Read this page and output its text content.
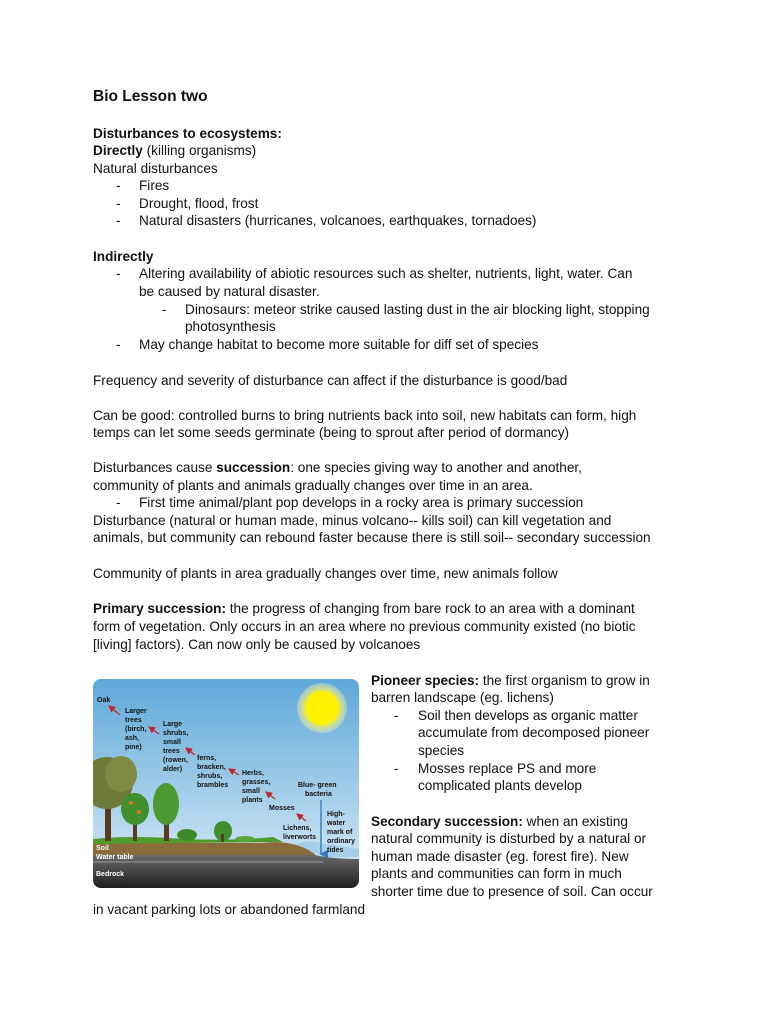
Bio Lesson two
Disturbances to ecosystems:
Directly (killing organisms)
Natural disturbances
- Fires
- Drought, flood, frost
- Natural disasters (hurricanes, volcanoes, earthquakes, tornadoes)
Indirectly
- Altering availability of abiotic resources such as shelter, nutrients, light, water. Can
be caused by natural disaster.
- Dinosaurs: meteor strike caused lasting dust in the air blocking light, stopping
photosynthesis
- May change habitat to become more suitable for diff set of species
Frequency and severity of disturbance can affect if the disturbance is good/bad
Can be good: controlled burns to bring nutrients back into soil, new habitats can form, high
temps can let some seeds germinate (being to sprout after period of dormancy)
Disturbances cause succession: one species giving way to another and another,
community of plants and animals gradually changes over time in an area.
- First time animal/plant pop develops in a rocky area is primary succession
Disturbance (natural or human made, minus volcano-- kills soil) can kill vegetation and
animals, but community can rebound faster because there is still soil-- secondary succession
Community of plants in area gradually changes over time, new animals follow
Primary succession: the progress of changing from bare rock to an area with a dominant
form of vegetation. Only occurs in an area where no previous community existed (no biotic
[living] factors). Can now only be caused by volcanoes
Oak
Larger trees (birch, ash, pine)
Large shrubs, small trees (rowen, alder)
ferns, bracken, shrubs, brambles
Herbs, grasses, small plants
Mosses
Lichens, liverworts
Blue- green bacteria
High- water mark of ordinary tides
Soil
Water table
Bedrock
Pioneer species: the first organism to grow in
barren landscape (eg. lichens)
- Soil then develops as organic matter
accumulate from decomposed pioneer
species
- Mosses replace PS and more
complicated plants develop
Secondary succession: when an existing
natural community is disturbed by a natural or
human made disaster (eg. forest fire). New
plants and communities can form in much
shorter time due to presence of soil. Can occur
in vacant parking lots or abandoned farmland
